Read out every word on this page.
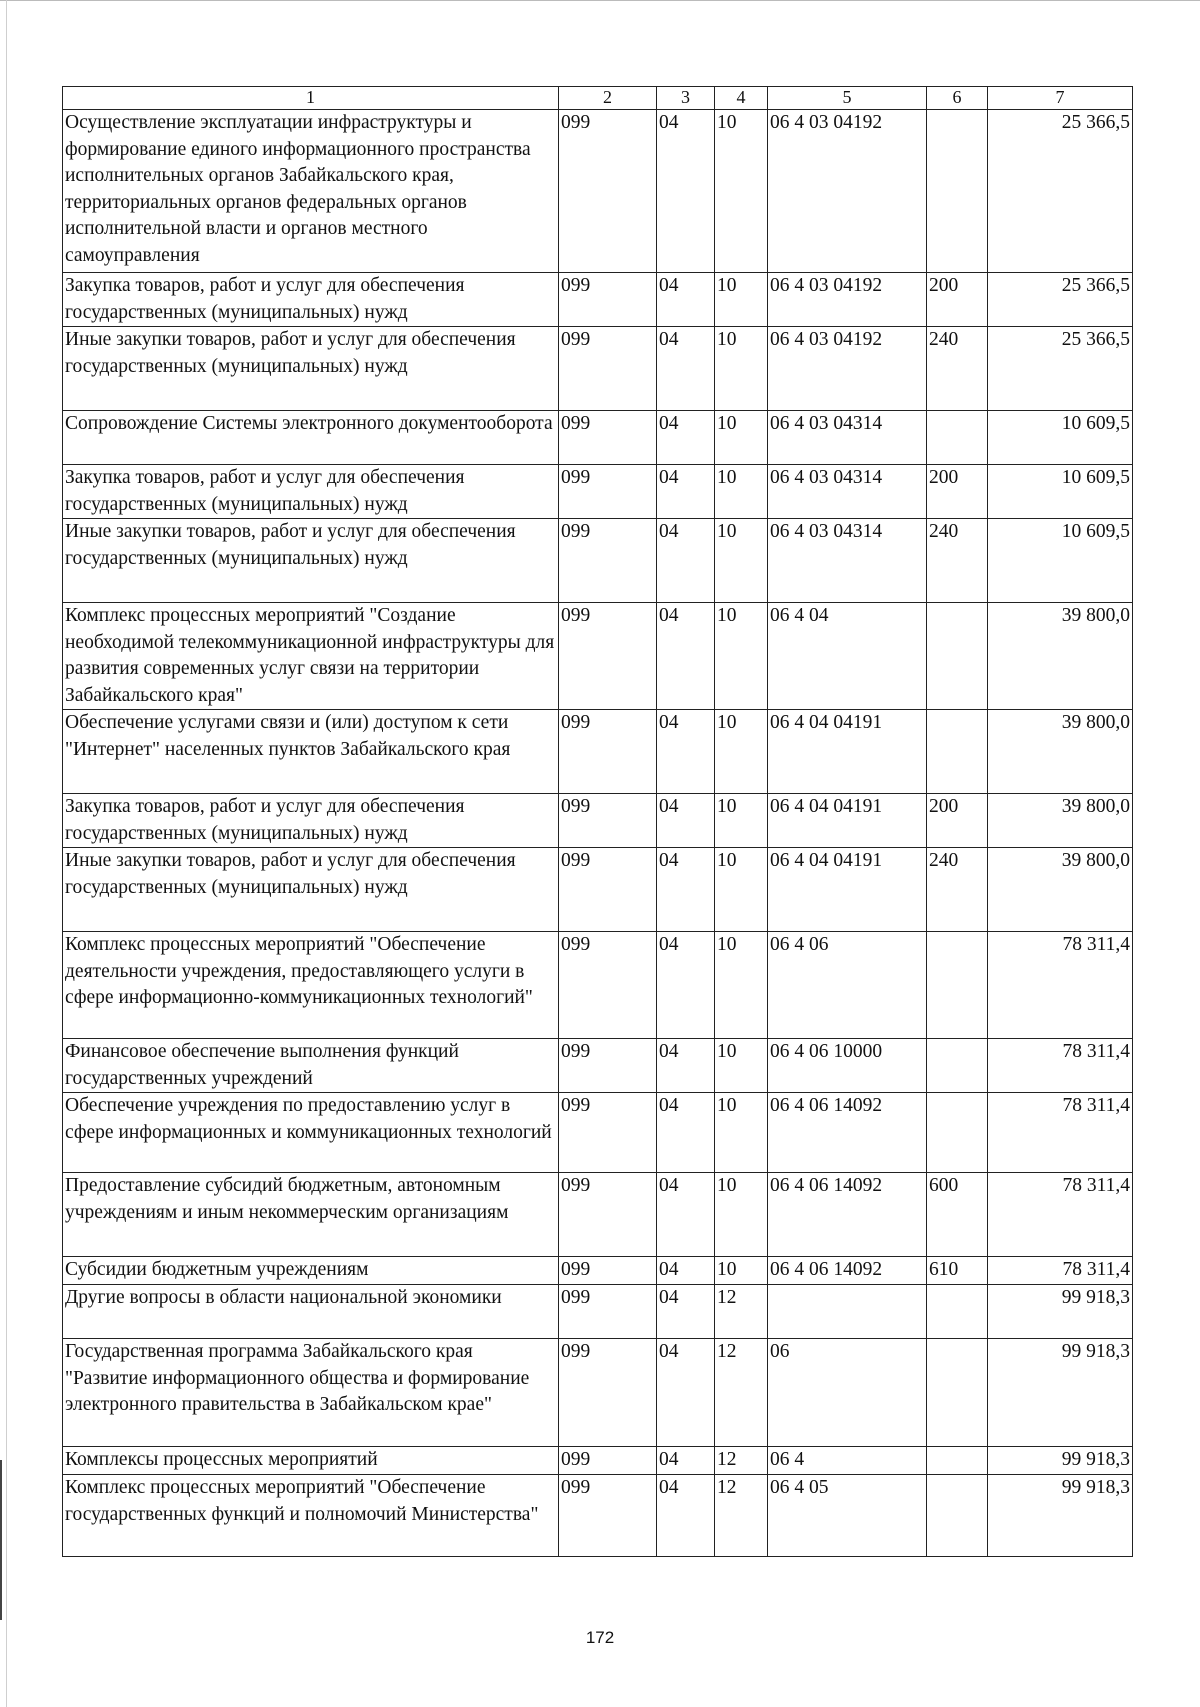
1	2	3	4	5	6	7
Осуществление эксплуатации инфраструктуры и формирование единого информационного пространства исполнительных органов Забайкальского края, территориальных органов федеральных органов исполнительной власти и органов местного самоуправления	099	04	10	06 4 03 04192		25 366,5
Закупка товаров, работ и услуг для обеспечения государственных (муниципальных) нужд	099	04	10	06 4 03 04192	200	25 366,5
Иные закупки товаров, работ и услуг для обеспечения государственных (муниципальных) нужд	099	04	10	06 4 03 04192	240	25 366,5
Сопровождение Системы электронного документооборота	099	04	10	06 4 03 04314		10 609,5
Закупка товаров, работ и услуг для обеспечения государственных (муниципальных) нужд	099	04	10	06 4 03 04314	200	10 609,5
Иные закупки товаров, работ и услуг для обеспечения государственных (муниципальных) нужд	099	04	10	06 4 03 04314	240	10 609,5
Комплекс процессных мероприятий "Создание необходимой телекоммуникационной инфраструктуры для развития современных услуг связи на территории Забайкальского края"	099	04	10	06 4 04		39 800,0
Обеспечение услугами связи и (или) доступом к сети "Интернет" населенных пунктов Забайкальского края	099	04	10	06 4 04 04191		39 800,0
Закупка товаров, работ и услуг для обеспечения государственных (муниципальных) нужд	099	04	10	06 4 04 04191	200	39 800,0
Иные закупки товаров, работ и услуг для обеспечения государственных (муниципальных) нужд	099	04	10	06 4 04 04191	240	39 800,0
Комплекс процессных мероприятий "Обеспечение деятельности учреждения, предоставляющего услуги в сфере информационно-коммуникационных технологий"	099	04	10	06 4 06		78 311,4
Финансовое обеспечение выполнения функций государственных учреждений	099	04	10	06 4 06 10000		78 311,4
Обеспечение учреждения по предоставлению услуг в сфере информационных и коммуникационных технологий	099	04	10	06 4 06 14092		78 311,4
Предоставление субсидий бюджетным, автономным учреждениям и иным некоммерческим организациям	099	04	10	06 4 06 14092	600	78 311,4
Субсидии бюджетным учреждениям	099	04	10	06 4 06 14092	610	78 311,4
Другие вопросы в области национальной экономики	099	04	12			99 918,3
Государственная программа Забайкальского края "Развитие информационного общества и формирование электронного правительства в Забайкальском крае"	099	04	12	06		99 918,3
Комплексы процессных мероприятий	099	04	12	06 4		99 918,3
Комплекс процессных мероприятий "Обеспечение государственных функций и полномочий Министерства"	099	04	12	06 4 05		99 918,3
172
